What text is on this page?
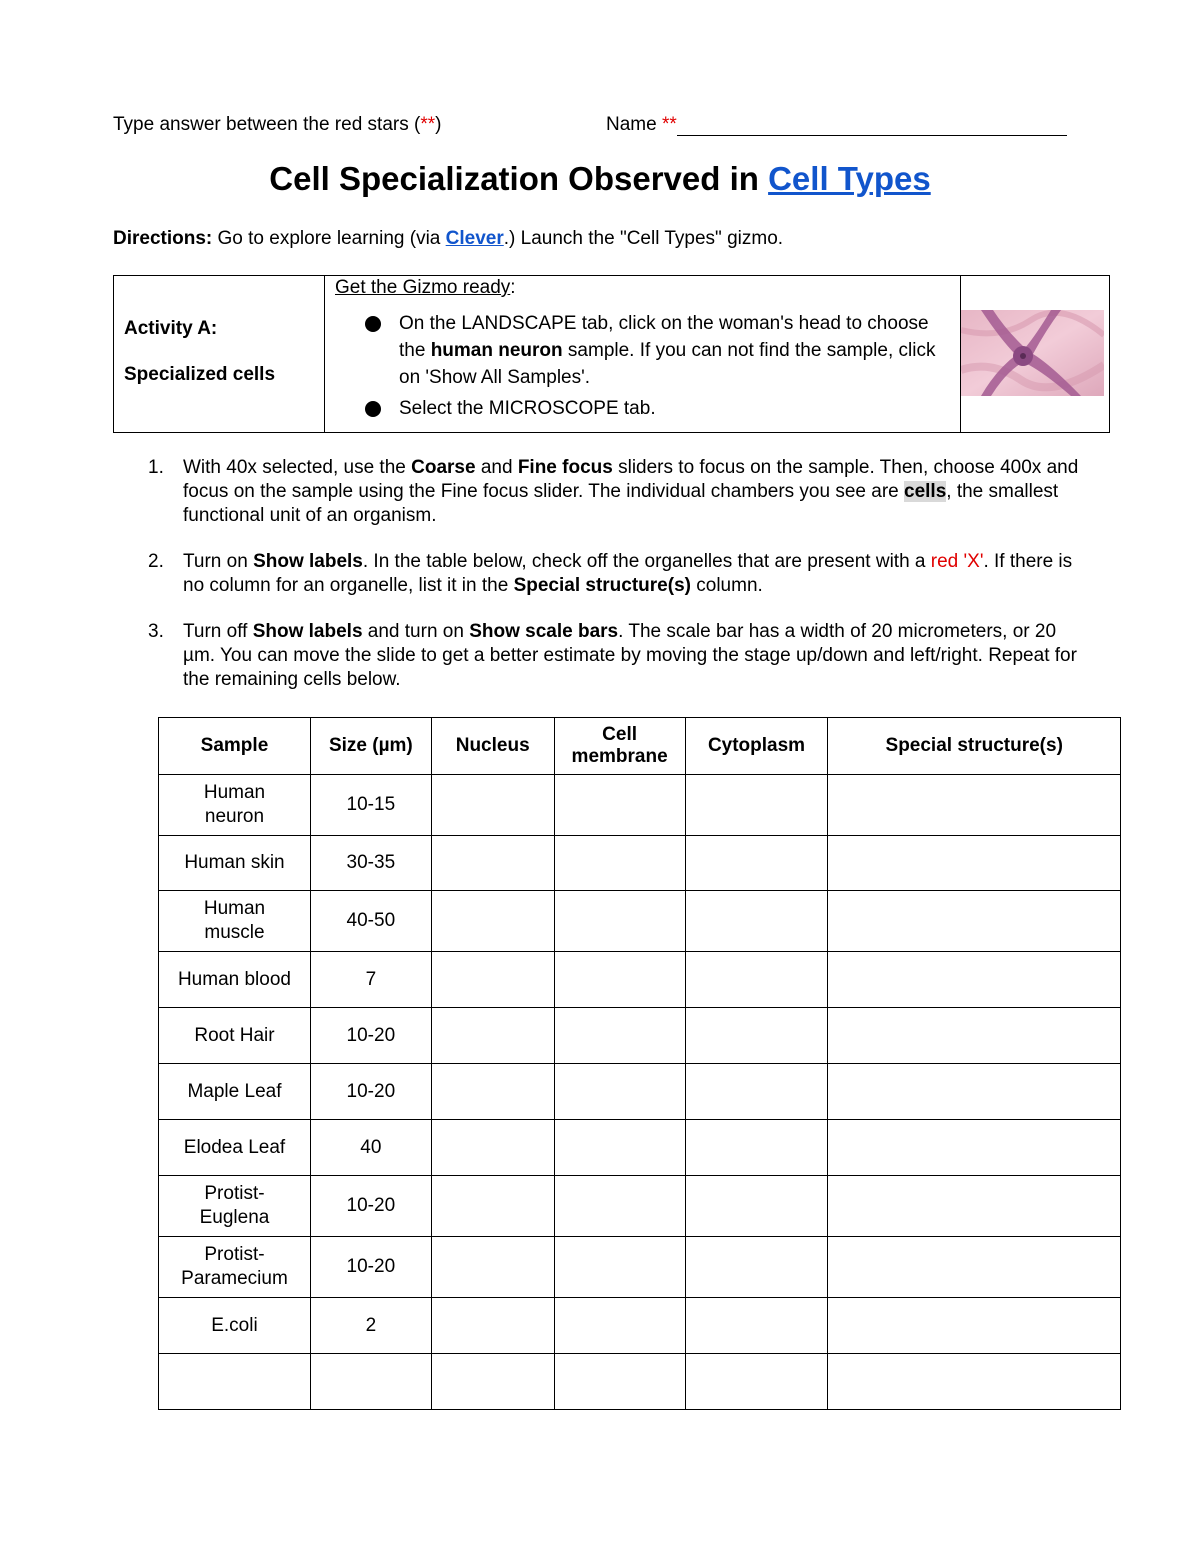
Type answer between the red stars (**)	Name **
Cell Specialization Observed in Cell Types
Directions: Go to explore learning (via Clever.) Launch the "Cell Types" gizmo.
Activity A:
Specialized cells

Get the Gizmo ready:
On the LANDSCAPE tab, click on the woman's head to choose the human neuron sample. If you can not find the sample, click on 'Show All Samples'.
Select the MICROSCOPE tab.

1.	With 40x selected, use the Coarse and Fine focus sliders to focus on the sample. Then, choose 400x and focus on the sample using the Fine focus slider. The individual chambers you see are cells, the smallest functional unit of an organism.
2.	Turn on Show labels. In the table below, check off the organelles that are present with a red 'X'. If there is no column for an organelle, list it in the Special structure(s) column.
3.	Turn off Show labels and turn on Show scale bars. The scale bar has a width of 20 micrometers, or 20 µm. You can move the slide to get a better estimate by moving the stage up/down and left/right. Repeat for the remaining cells below.
Sample	Size (µm)	Nucleus	Cell membrane	Cytoplasm	Special structure(s)
Human neuron	10-15				
Human skin	30-35				
Human muscle	40-50				
Human blood	7				
Root Hair	10-20				
Maple Leaf	10-20				
Elodea Leaf	40				
Protist-Euglena	10-20				
Protist-Paramecium	10-20				
E.coli	2				
